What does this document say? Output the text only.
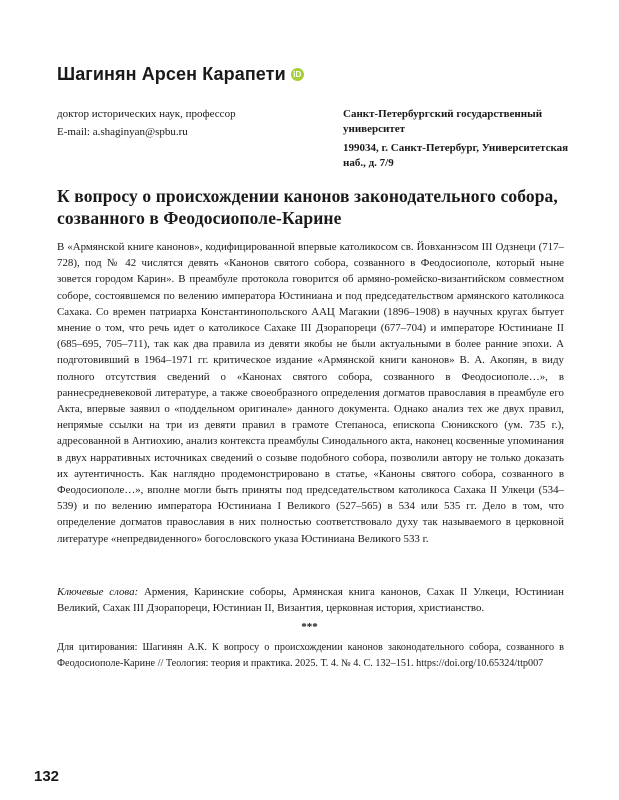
Шагинян Арсен Карапети iD
доктор исторических наук, профессор
E-mail: a.shaginyan@spbu.ru
Санкт-Петербургский государственный университет
199034, г. Санкт-Петербург, Университетская наб., д. 7/9
К вопросу о происхождении канонов законодательного собора, созванного в Феодосиополе-Карине

В «Армянской книге канонов», кодифицированной впервые католикосом св. Йовханнэсом III Одзнеци (717–728), под № 42 числятся девять «Канонов святого собора, созванного в Феодосиополе, который ныне зовется городом Карин». В преамбуле протокола говорится об армяно-ромейско-византийском совместном соборе, состоявшемся по велению императора Юстиниана и под председательством армянского католикоса Сахака. Со времен патриарха Константинопольского ААЦ Магакии (1896–1908) в научных кругах бытует мнение о том, что речь идет о католикосе Сахаке III Дзорапореци (677–704) и императоре Юстиниане II (685–695, 705–711), так как два правила из девяти якобы не были актуальными в более ранние эпохи. А подготовивший в 1964–1971 гг. критическое издание «Армянской книги канонов» В. А. Акопян, в виду полного отсутствия сведений о «Канонах святого собора, созванного в Феодосиополе…», в раннесредневековой литературе, а также своеобразного определения догматов православия в преамбуле его Акта, впервые заявил о «поддельном оригинале» данного документа. Однако анализ тех же двух правил, непрямые ссылки на три из девяти правил в грамоте Степаноса, епископа Сюникского (ум. 735 г.), адресованной в Антиохию, анализ контекста преамбулы Синодального акта, наконец косвенные упоминания в двух нарративных источниках сведений о созыве подобного собора, позволили автору не только доказать их аутентичность. Как наглядно продемонстрировано в статье, «Каноны святого собора, созванного в Феодосиополе…», вполне могли быть приняты под председательством католикоса Сахака II Улкеци (534–539) и по велению императора Юстиниана I Великого (527–565) в 534 или 535 гг. Дело в том, что определение догматов православия в них полностью соответствовало духу так называемого в церковной литературе «непредвиденного» богословского указа Юстиниана Великого 533 г.

Ключевые слова: Армения, Каринские соборы, Армянская книга канонов, Сахак II Улкеци, Юстиниан Великий, Сахак III Дзорапореци, Юстиниан II, Византия, церковная история, христианство.
***
Для цитирования: Шагинян А.К. К вопросу о происхождении канонов законодательного собора, созванного в Феодосиополе-Карине // Теология: теория и практика. 2025. Т. 4. № 4. С. 132–151. https://doi.org/10.65324/ttp007
132
